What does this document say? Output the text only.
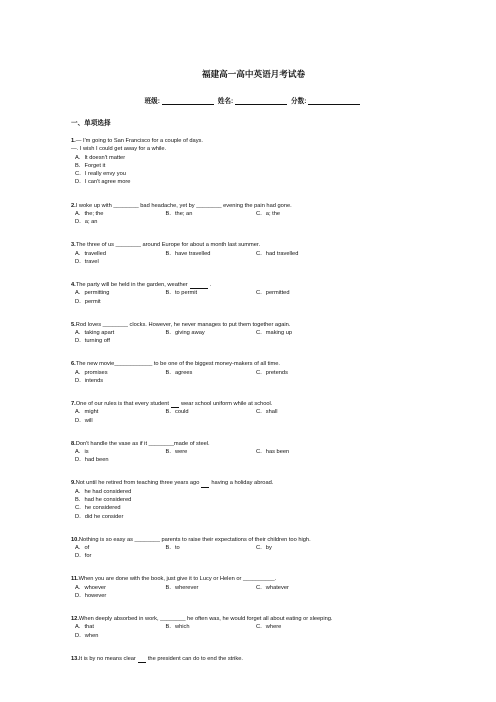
福建高一高中英语月考试卷
班级:	姓名:	分数:
一、单项选择
1.— I'm going to San Francisco for a couple of days.
—. I wish I could get away for a while.
A．It doesn't matter
B．Forget it
C．I really envy you
D．I can't agree more
2.I woke up with ________ bad headache, yet by ________ evening the pain had gone.
A．the; the	B．the; an	C．a; the
D．a; an
3.The three of us ________ around Europe for about a month last summer.
A．travelled	B．have travelled	C．had travelled
D．travel
4.The party will be held in the garden, weather	.
A．permitting	B．to permit	C．permitted
D．permit
5.Rod loves ________ clocks. However, he never manages to put them together again.
A．taking apart	B．giving away	C．making up
D．turning off
6.The new movie____________ to be one of the biggest money-makers of all time.
A．promises	B．agrees	C．pretends
D．intends
7.One of our rules is that every student wear school uniform while at school.
A．might	B．could	C．shall
D．will
8.Don't handle the vase as if it ________made of steel.
A．is	B．were	C．has been
D．had been
9.Not until he retired from teaching three years ago having a holiday abroad.
A．he had considered
B．had he considered
C．he considered
D．did he consider
10.Nothing is so easy as ________ parents to raise their expectations of their children too high.
A．of	B．to	C．by
D．for
11.When you are done with the book, just give it to Lucy or Helen or __________.
A．whoever	B．wherever	C．whatever
D．however
12.When deeply absorbed in work, ________ he often was, he would forget all about eating or sleeping.
A．that	B．which	C．where
D．when
13.It is by no means clear the president can do to end the strike.
